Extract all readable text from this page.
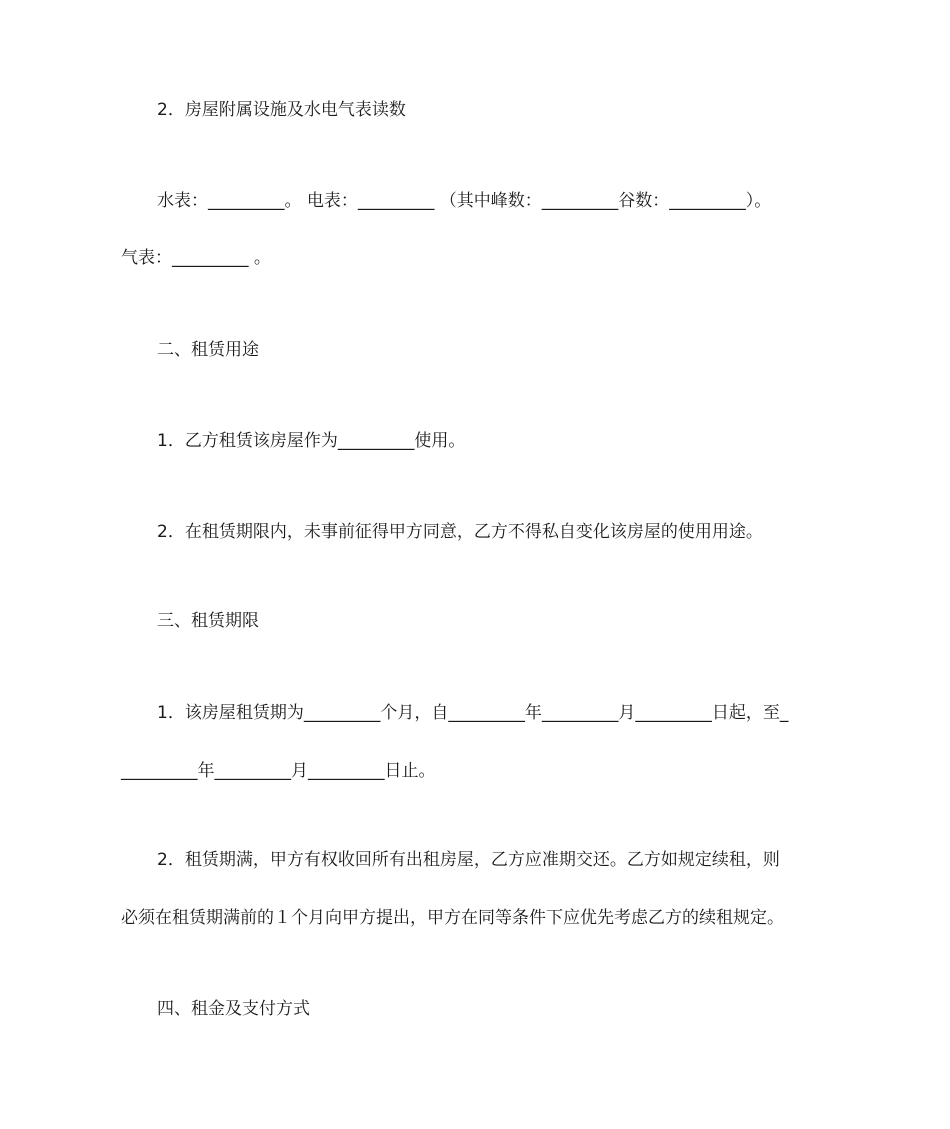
2．房屋附属设施及水电气表读数
水表：_________。 电表：_________ （其中峰数：_________谷数：_________）。
气表：_________ 。
二、租赁用途
1．乙方租赁该房屋作为_________使用。
2．在租赁期限内，未事前征得甲方同意，乙方不得私自变化该房屋的使用用途。
三、租赁期限
1．该房屋租赁期为_________个月，自_________年_________月_________日起，至_
_________年_________月_________日止。
2．租赁期满，甲方有权收回所有出租房屋，乙方应准期交还。乙方如规定续租，则
必须在租赁期满前的１个月向甲方提出，甲方在同等条件下应优先考虑乙方的续租规定。
四、租金及支付方式
